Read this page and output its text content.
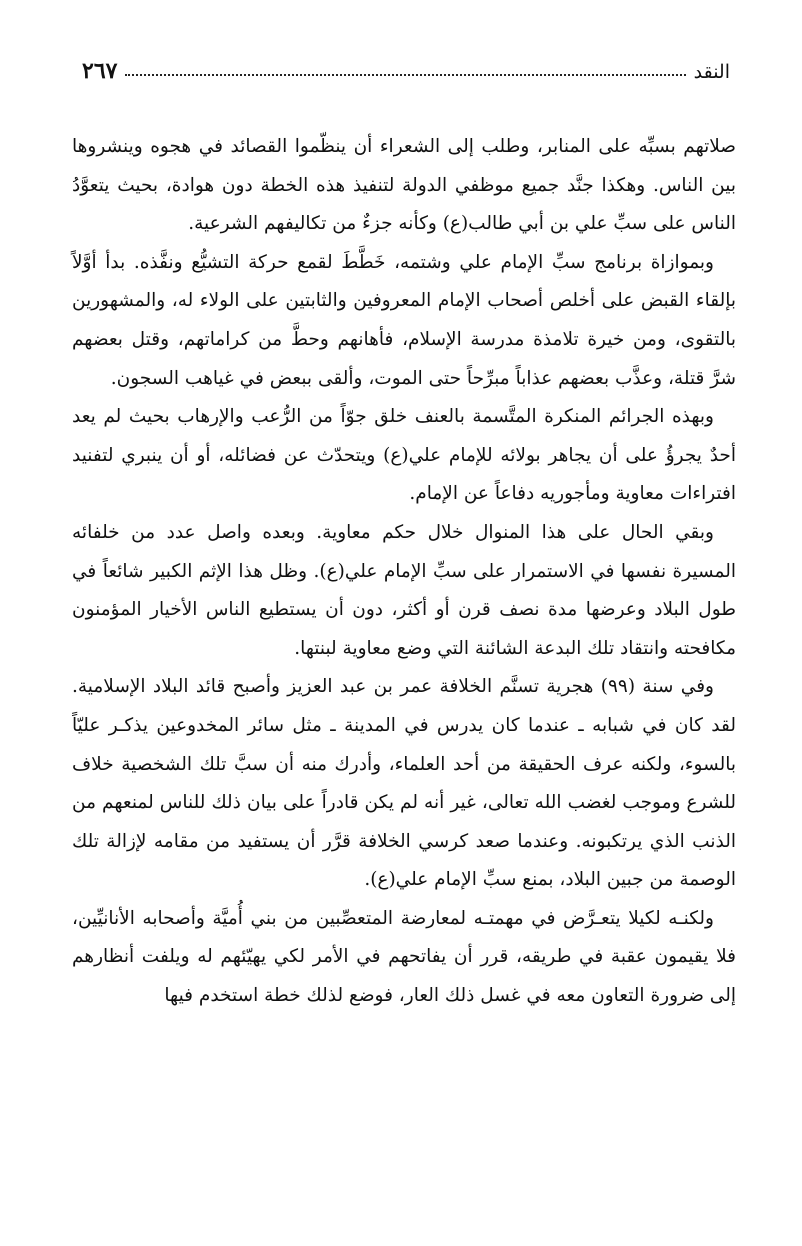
النقد
٢٦٧

صلاتهم بسبِّه على المنابر، وطلب إلى الشعراء أن ينظّموا القصائد في هجوه وينشروها بين الناس. وهكذا جنَّد جميع موظفي الدولة لتنفيذ هذه الخطة دون هوادة، بحيث يتعوَّدُ الناس على سبِّ علي بن أبي طالب(ع) وكأنه جزءٌ من تكاليفهم الشرعية.

وبموازاة برنامج سبِّ الإمام علي وشتمه، خَطَّطَ لقمع حركة التشيُّع ونفَّذه. بدأ أوَّلاً بإلقاء القبض على أخلص أصحاب الإمام المعروفين والثابتين على الولاء له، والمشهورين بالتقوى، ومن خيرة تلامذة مدرسة الإسلام، فأهانهم وحطَّ من كراماتهم، وقتل بعضهم شرَّ قتلة، وعذَّب بعضهم عذاباً مبرِّحاً حتى الموت، وألقى ببعض في غياهب السجون.

وبهذه الجرائم المنكرة المتَّسمة بالعنف خلق جوّاً من الرُّعب والإرهاب بحيث لم يعد أحدٌ يجرؤُ على أن يجاهر بولائه للإمام علي(ع) ويتحدّث عن فضائله، أو أن ينبري لتفنيد افتراءات معاوية ومأجوريه دفاعاً عن الإمام.

وبقي الحال على هذا المنوال خلال حكم معاوية. وبعده واصل عدد من خلفائه المسيرة نفسها في الاستمرار على سبِّ الإمام علي(ع). وظل هذا الإثم الكبير شائعاً في طول البلاد وعرضها مدة نصف قرن أو أكثر، دون أن يستطيع الناس الأخيار المؤمنون مكافحته وانتقاد تلك البدعة الشائنة التي وضع معاوية لبنتها.

وفي سنة (٩٩) هجرية تسنَّم الخلافة عمر بن عبد العزيز وأصبح قائد البلاد الإسلامية. لقد كان في شبابه ـ عندما كان يدرس في المدينة ـ مثل سائر المخدوعين يذكـر عليّاً بالسوء، ولكنه عرف الحقيقة من أحد العلماء، وأدرك منه أن سبَّ تلك الشخصية خلاف للشرع وموجب لغضب الله تعالى، غير أنه لم يكن قادراً على بيان ذلك للناس لمنعهم من الذنب الذي يرتكبونه. وعندما صعد كرسي الخلافة قرَّر أن يستفيد من مقامه لإزالة تلك الوصمة من جبين البلاد، بمنع سبِّ الإمام علي(ع).

ولكنـه لكيلا يتعـرَّض في مهمتـه لمعارضة المتعصِّبين من بني أُميَّة وأصحابه الأنانيِّين، فلا يقيمون عقبة في طريقه، قرر أن يفاتحهم في الأمر لكي يهيّئهم له ويلفت أنظارهم إلى ضرورة التعاون معه في غسل ذلك العار، فوضع لذلك خطة استخدم فيها
